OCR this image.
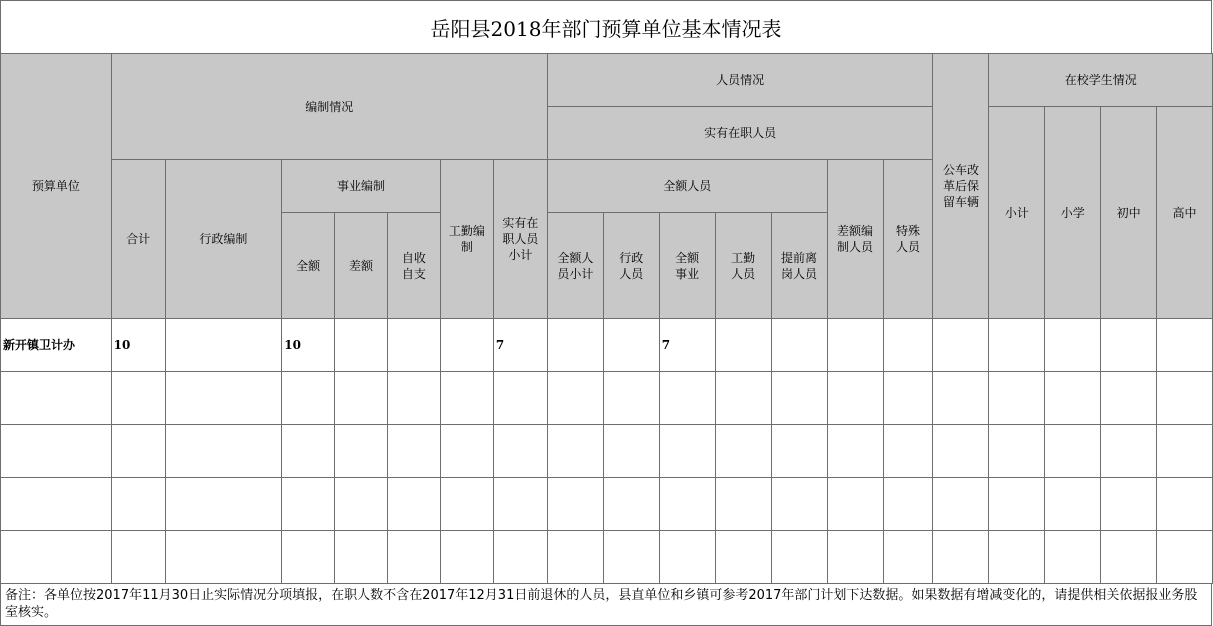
岳阳县2018年部门预算单位基本情况表
预算单位	编制情况							人员情况							公车改革后保留车辆	在校学生情况			
								实有在职人员								小计	小学	初中	高中
	合计	行政编制	事业编制			工勤编制	实有在职人员小计	全额人员					差额编制人员	特殊人员					
			全额	差额	自收自支			全额人员小计	行政人员	全额事业	工勤人员	提前离岗人员							
新开镇卫计办	10		10				7			7									

备注：各单位按2017年11月30日止实际情况分项填报，在职人数不含在2017年12月31日前退休的人员，县直单位和乡镇可参考2017年部门计划下达数据。如果数据有增减变化的，请提供相关依据报业务股室核实。
